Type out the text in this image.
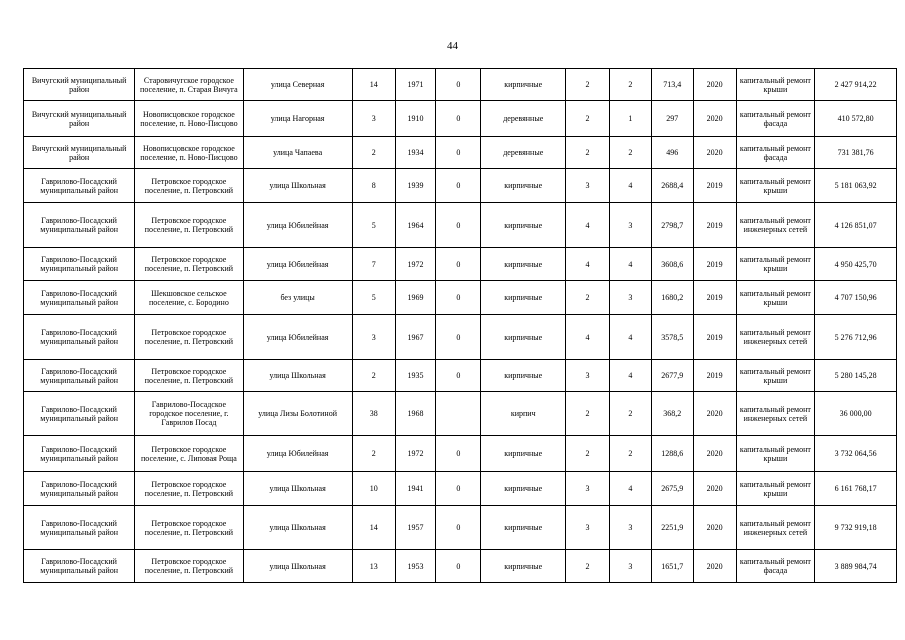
44
Вичугский муниципальный район	Старовичугское городское поселение, п. Старая Вичуга	улица Северная	14	1971	0	кирпичные	2	2	713,4	2020	капитальный ремонт крыши	2 427 914,22
Вичугский муниципальный район	Новописцовское городское поселение, п. Ново-Писцово	улица Нагорная	3	1910	0	деревянные	2	1	297	2020	капитальный ремонт фасада	410 572,80
Вичугский муниципальный район	Новописцовское городское поселение, п. Ново-Писцово	улица Чапаева	2	1934	0	деревянные	2	2	496	2020	капитальный ремонт фасада	731 381,76
Гаврилово-Посадский муниципальный район	Петровское городское поселение, п. Петровский	улица Школьная	8	1939	0	кирпичные	3	4	2688,4	2019	капитальный ремонт крыши	5 181 063,92
Гаврилово-Посадский муниципальный район	Петровское городское поселение, п. Петровский	улица Юбилейная	5	1964	0	кирпичные	4	3	2798,7	2019	капитальный ремонт инженерных сетей	4 126 851,07
Гаврилово-Посадский муниципальный район	Петровское городское поселение, п. Петровский	улица Юбилейная	7	1972	0	кирпичные	4	4	3608,6	2019	капитальный ремонт крыши	4 950 425,70
Гаврилово-Посадский муниципальный район	Шекшовское сельское поселение, с. Бородино	без улицы	5	1969	0	кирпичные	2	3	1680,2	2019	капитальный ремонт крыши	4 707 150,96
Гаврилово-Посадский муниципальный район	Петровское городское поселение, п. Петровский	улица Юбилейная	3	1967	0	кирпичные	4	4	3578,5	2019	капитальный ремонт инженерных сетей	5 276 712,96
Гаврилово-Посадский муниципальный район	Петровское городское поселение, п. Петровский	улица Школьная	2	1935	0	кирпичные	3	4	2677,9	2019	капитальный ремонт крыши	5 280 145,28
Гаврилово-Посадский муниципальный район	Гаврилово-Посадское городское поселение, г. Гаврилов Посад	улица Лизы Болотиной	38	1968		кирпич	2	2	368,2	2020	капитальный ремонт инженерных сетей	36 000,00
Гаврилово-Посадский муниципальный район	Петровское городское поселение, с. Липовая Роща	улица Юбилейная	2	1972	0	кирпичные	2	2	1288,6	2020	капитальный ремонт крыши	3 732 064,56
Гаврилово-Посадский муниципальный район	Петровское городское поселение, п. Петровский	улица Школьная	10	1941	0	кирпичные	3	4	2675,9	2020	капитальный ремонт крыши	6 161 768,17
Гаврилово-Посадский муниципальный район	Петровское городское поселение, п. Петровский	улица Школьная	14	1957	0	кирпичные	3	3	2251,9	2020	капитальный ремонт инженерных сетей	9 732 919,18
Гаврилово-Посадский муниципальный район	Петровское городское поселение, п. Петровский	улица Школьная	13	1953	0	кирпичные	2	3	1651,7	2020	капитальный ремонт фасада	3 889 984,74
